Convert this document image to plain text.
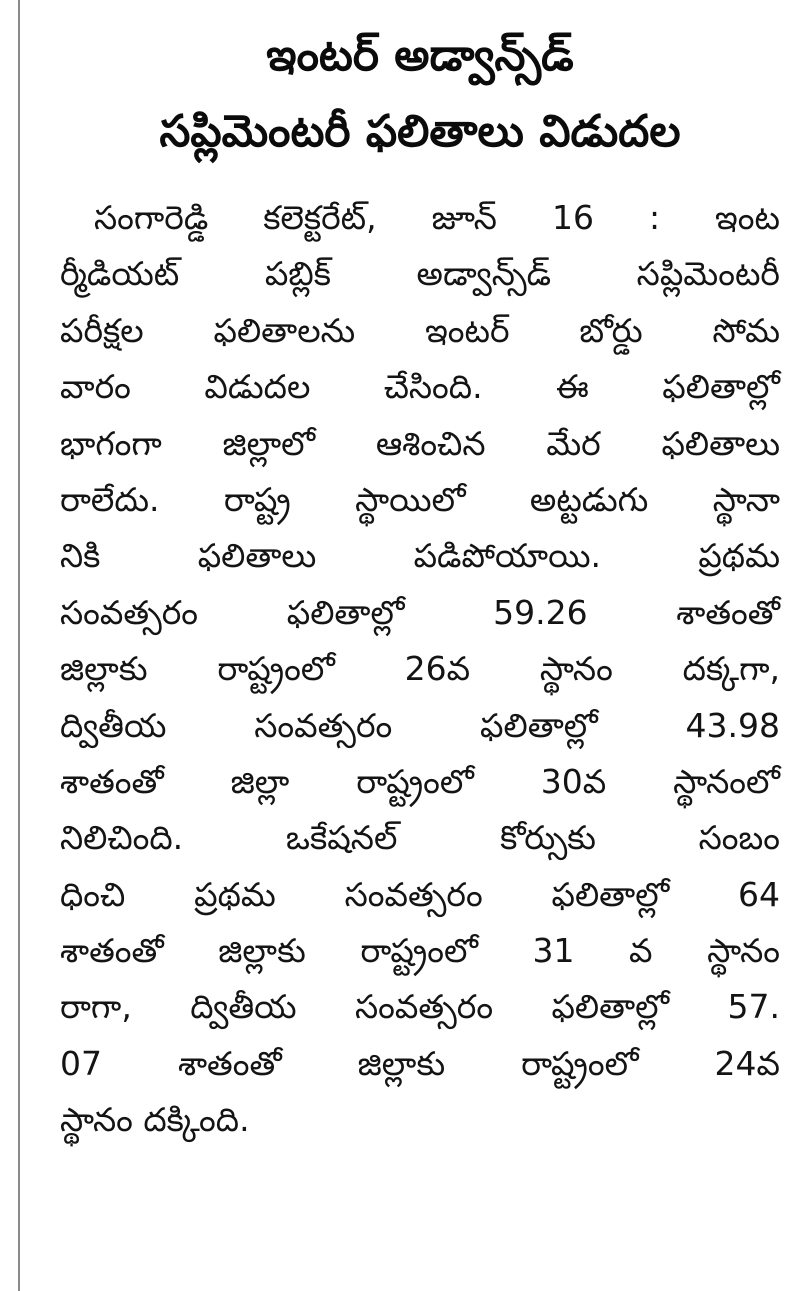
ఇంటర్ అడ్వాన్స్‌డ్
సప్లిమెంటరీ ఫలితాలు విడుదల
సంగారెడ్డి కలెక్టరేట్, జూన్ 16 : ఇంట
ర్మీడియట్ పబ్లిక్ అడ్వాన్స్‌డ్ సప్లిమెంటరీ
పరీక్షల ఫలితాలను ఇంటర్ బోర్డు సోమ
వారం విడుదల చేసింది. ఈ ఫలితాల్లో
భాగంగా జిల్లాలో ఆశించిన మేర ఫలితాలు
రాలేదు. రాష్ట్ర స్థాయిలో అట్టడుగు స్థానా
నికి ఫలితాలు పడిపోయాయి. ప్రథమ
సంవత్సరం ఫలితాల్లో 59.26 శాతంతో
జిల్లాకు రాష్ట్రంలో 26వ స్థానం దక్కగా,
ద్వితీయ సంవత్సరం ఫలితాల్లో 43.98
శాతంతో జిల్లా రాష్ట్రంలో 30వ స్థానంలో
నిలిచింది. ఒకేషనల్ కోర్సుకు సంబం
ధించి ప్రథమ సంవత్సరం ఫలితాల్లో 64
శాతంతో జిల్లాకు రాష్ట్రంలో 31 వ స్థానం
రాగా, ద్వితీయ సంవత్సరం ఫలితాల్లో 57.
07 శాతంతో జిల్లాకు రాష్ట్రంలో 24వ
స్థానం దక్కింది.
